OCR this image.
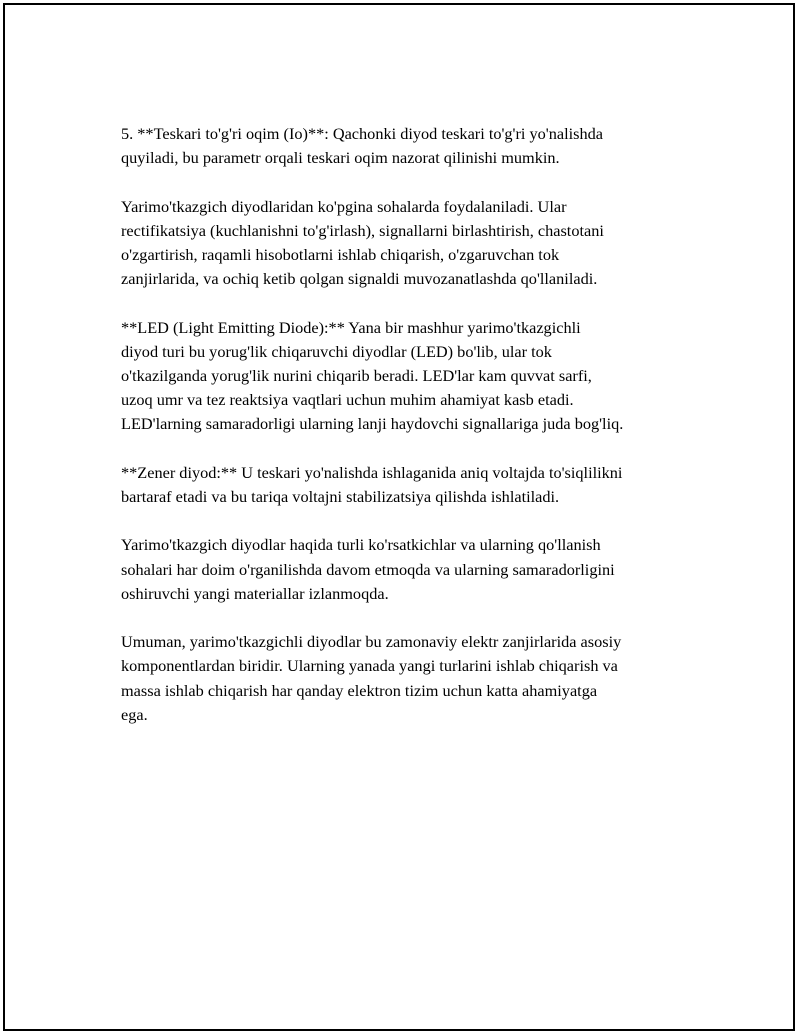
5. **Teskari to'g'ri oqim (Io)**: Qachonki diyod teskari to'g'ri yo'nalishda
quyiladi, bu parametr orqali teskari oqim nazorat qilinishi mumkin.

Yarimo'tkazgich diyodlaridan ko'pgina sohalarda foydalaniladi. Ular
rectifikatsiya (kuchlanishni to'g'irlash), signallarni birlashtirish, chastotani
o'zgartirish, raqamli hisobotlarni ishlab chiqarish, o'zgaruvchan tok
zanjirlarida, va ochiq ketib qolgan signaldi muvozanatlashda qo'llaniladi.

**LED (Light Emitting Diode):** Yana bir mashhur yarimo'tkazgichli
diyod turi bu yorug'lik chiqaruvchi diyodlar (LED) bo'lib, ular tok
o'tkazilganda yorug'lik nurini chiqarib beradi. LED'lar kam quvvat sarfi,
uzoq umr va tez reaktsiya vaqtlari uchun muhim ahamiyat kasb etadi.
LED'larning samaradorligi ularning lanji haydovchi signallariga juda bog'liq.

**Zener diyod:** U teskari yo'nalishda ishlaganida aniq voltajda to'siqlilikni
bartaraf etadi va bu tariqa voltajni stabilizatsiya qilishda ishlatiladi.

Yarimo'tkazgich diyodlar haqida turli ko'rsatkichlar va ularning qo'llanish
sohalari har doim o'rganilishda davom etmoqda va ularning samaradorligini
oshiruvchi yangi materiallar izlanmoqda.

Umuman, yarimo'tkazgichli diyodlar bu zamonaviy elektr zanjirlarida asosiy
komponentlardan biridir. Ularning yanada yangi turlarini ishlab chiqarish va
massa ishlab chiqarish har qanday elektron tizim uchun katta ahamiyatga
ega.
